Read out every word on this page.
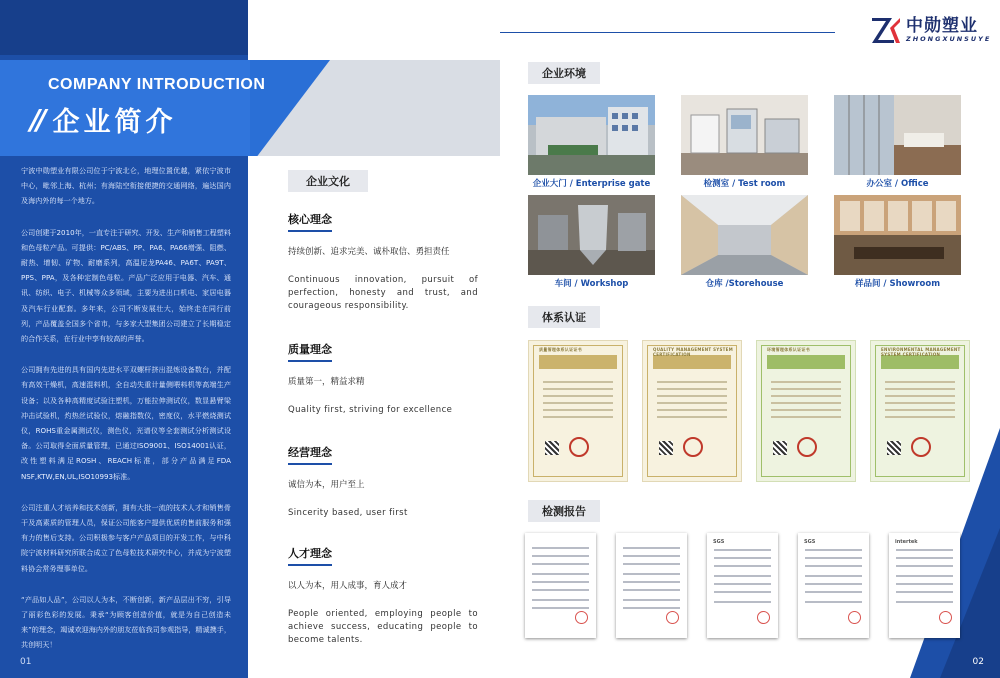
COMPANY INTRODUCTION
// 企业简介

宁波中勋塑业有限公司位于宁波北仑，地理位置优越，紧依宁波市中心，毗邻上海、杭州；有海陆空衔接便捷的交通网络，遍达国内及海内外的每一个地方。

公司创建于2010年，一直专注于研究、开发、生产和销售工程塑料和色母粒产品。可提供：PC/ABS、PP、PA6、PA66增强、阻燃、耐热、增韧、矿物、耐磨系列，高温尼龙PA46、PA6T、PA9T、PPS、PPA，及各种定制色母粒。产品广泛应用于电器、汽车、通讯、纺织、电子、机械等众多领域，主要为进出口机电、家居电器及汽车行业配套。多年来，公司不断发展壮大，始终走在同行前列，产品覆盖全国多个省市，与多家大型集团公司建立了长期稳定的合作关系，在行业中享有较高的声誉。

公司拥有先进的具有国内先进水平双螺杆挤出混炼设备数台，并配有高效干燥机，高速混料机，全自动失重计量侧喂料机等高端生产设备；以及各种高精度试验注塑机，万能拉伸测试仪，数显悬臂梁冲击试验机，灼热丝试验仪，熔融指数仪，密度仪，水平燃烧测试仪，ROHS重金属测试仪，测色仪，光谱仪等全套测试分析测试设备。公司取得全面质量管理，已通过ISO9001、ISO14001认证，改性塑料满足ROSH、REACH标准，部分产品满足FDA NSF,KTW,EN,UL,ISO10993标准。

公司注重人才培养和技术创新，拥有大批一流的技术人才和销售骨干及高素质的管理人员，保证公司能客户提供优质的售前服务和强有力的售后支持。公司积极参与客户产品项目的开发工作，与中科院宁波材料研究所联合成立了色母粒技术研究中心，并成为宁波塑料协会常务理事单位。

“产品如人品”，公司以人为本，不断创新，新产品层出不穷，引导了丽彩色彩的发展。秉承“为顾客创造价值，就是为自己创造未来”的理念，竭诚欢迎海内外的朋友莅临我司参观指导，精诚携手，共创明天！

01
企业文化
核心理念
持续创新、追求完美、诚朴取信、勇担责任
Continuous innovation, pursuit of perfection, honesty and trust, and courageous responsibility.
质量理念
质量第一，精益求精
Quality first, striving for excellence
经营理念
诚信为本，用户至上
Sincerity based, user first
人才理念
以人为本，用人成事，育人成才
People oriented, employing people to achieve success, educating people to become talents.
中勋塑业
ZHONGXUNSUYE
企业环境
企业大门 / Enterprise gate	检测室 / Test room	办公室 / Office
车间 / Workshop	仓库 /Storehouse	样品间 / Showroom
体系认证
质量管理体系认证证书	QUALITY MANAGEMENT SYSTEM CERTIFICATION
环境管理体系认证证书	ENVIRONMENTAL MANAGEMENT SYSTEM CERTIFICATION
检测报告
SGS	SGS	intertek
02
